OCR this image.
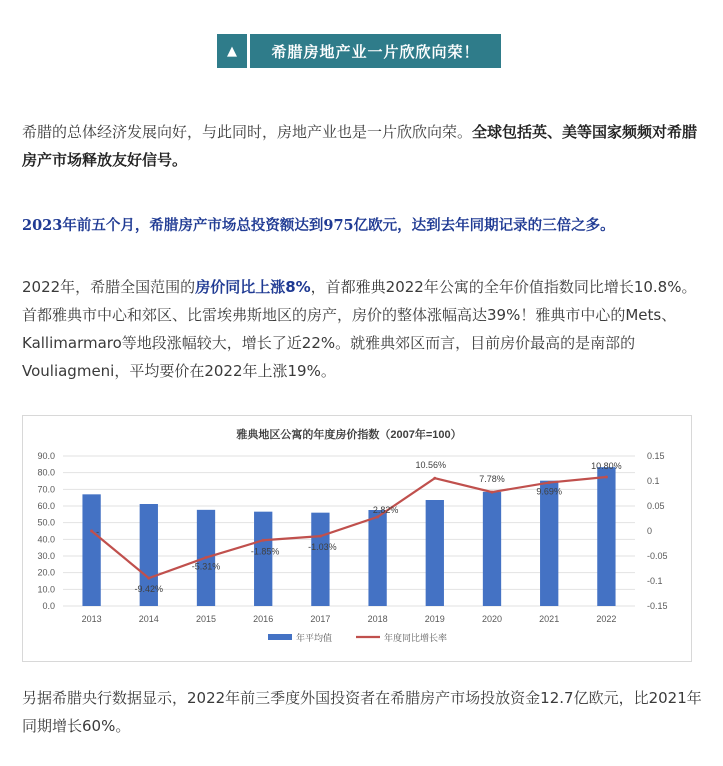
▲	希腊房地产业一片欣欣向荣！
希腊的总体经济发展向好，与此同时，房地产业也是一片欣欣向荣。全球包括英、美等国家频频对希腊房产市场释放友好信号。
2023年前五个月，希腊房产市场总投资额达到975亿欧元，达到去年同期记录的三倍之多。
2022年，希腊全国范围的房价同比上涨8%，首都雅典2022年公寓的全年价值指数同比增长10.8%。首都雅典市中心和郊区、比雷埃弗斯地区的房产，房价的整体涨幅高达39%！雅典市中心的Mets、Kallimarmaro等地段涨幅较大，增长了近22%。就雅典郊区而言，目前房价最高的是南部的Vouliagmeni，平均要价在2022年上涨19%。
雅典地区公寓的年度房价指数（2007年=100）
0.0
10.0
20.0
30.0
40.0
50.0
60.0
70.0
80.0
90.0
-0.15
-0.1
-0.05
0
0.05
0.1
0.15
2013	2014	2015	2016	2017	2018	2019	2020	2021	2022
-
-9.42%
-5.31%
-1.85%	-1.03%
2.82%
10.56%
7.78%
9.69%
10.80%
年平均值	年度同比增长率
另据希腊央行数据显示，2022年前三季度外国投资者在希腊房产市场投放资金12.7亿欧元，比2021年同期增长60%。
